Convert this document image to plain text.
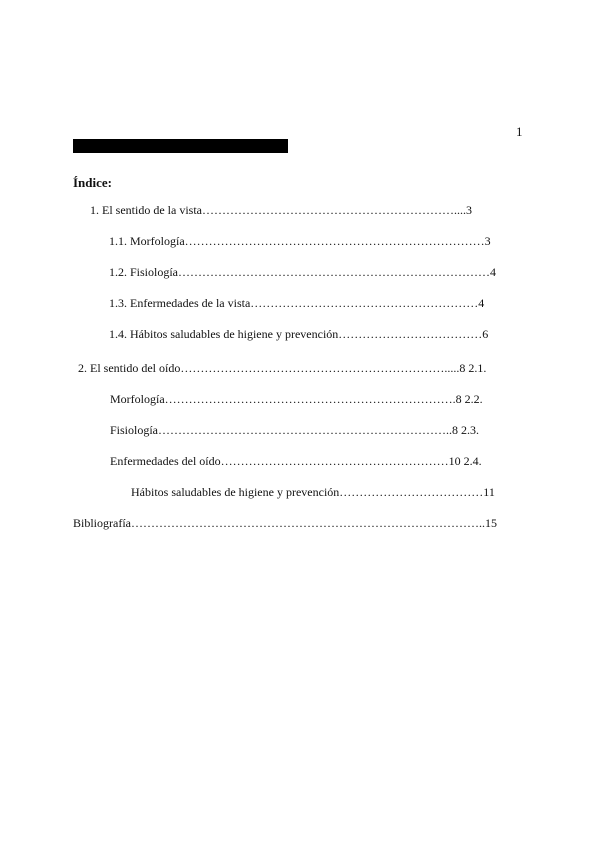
1
Índice:
1. El sentido de la vista………………………………………………………....3
1.1. Morfología…………………………………………………………………3
1.2. Fisiología……………………………………………………………………4
1.3. Enfermedades de la vista…………………………………………………4
1.4. Hábitos saludables de higiene y prevención………………………………6
2. El sentido del oído………………………………………………………….....8 2.1.
Morfología……………………………………………………………….8 2.2.
Fisiología………………………………………………………………..8 2.3.
Enfermedades del oído…………………………………………………10 2.4.
Hábitos saludables de higiene y prevención………………………………11
Bibliografía……………………………………………………………………………..15
